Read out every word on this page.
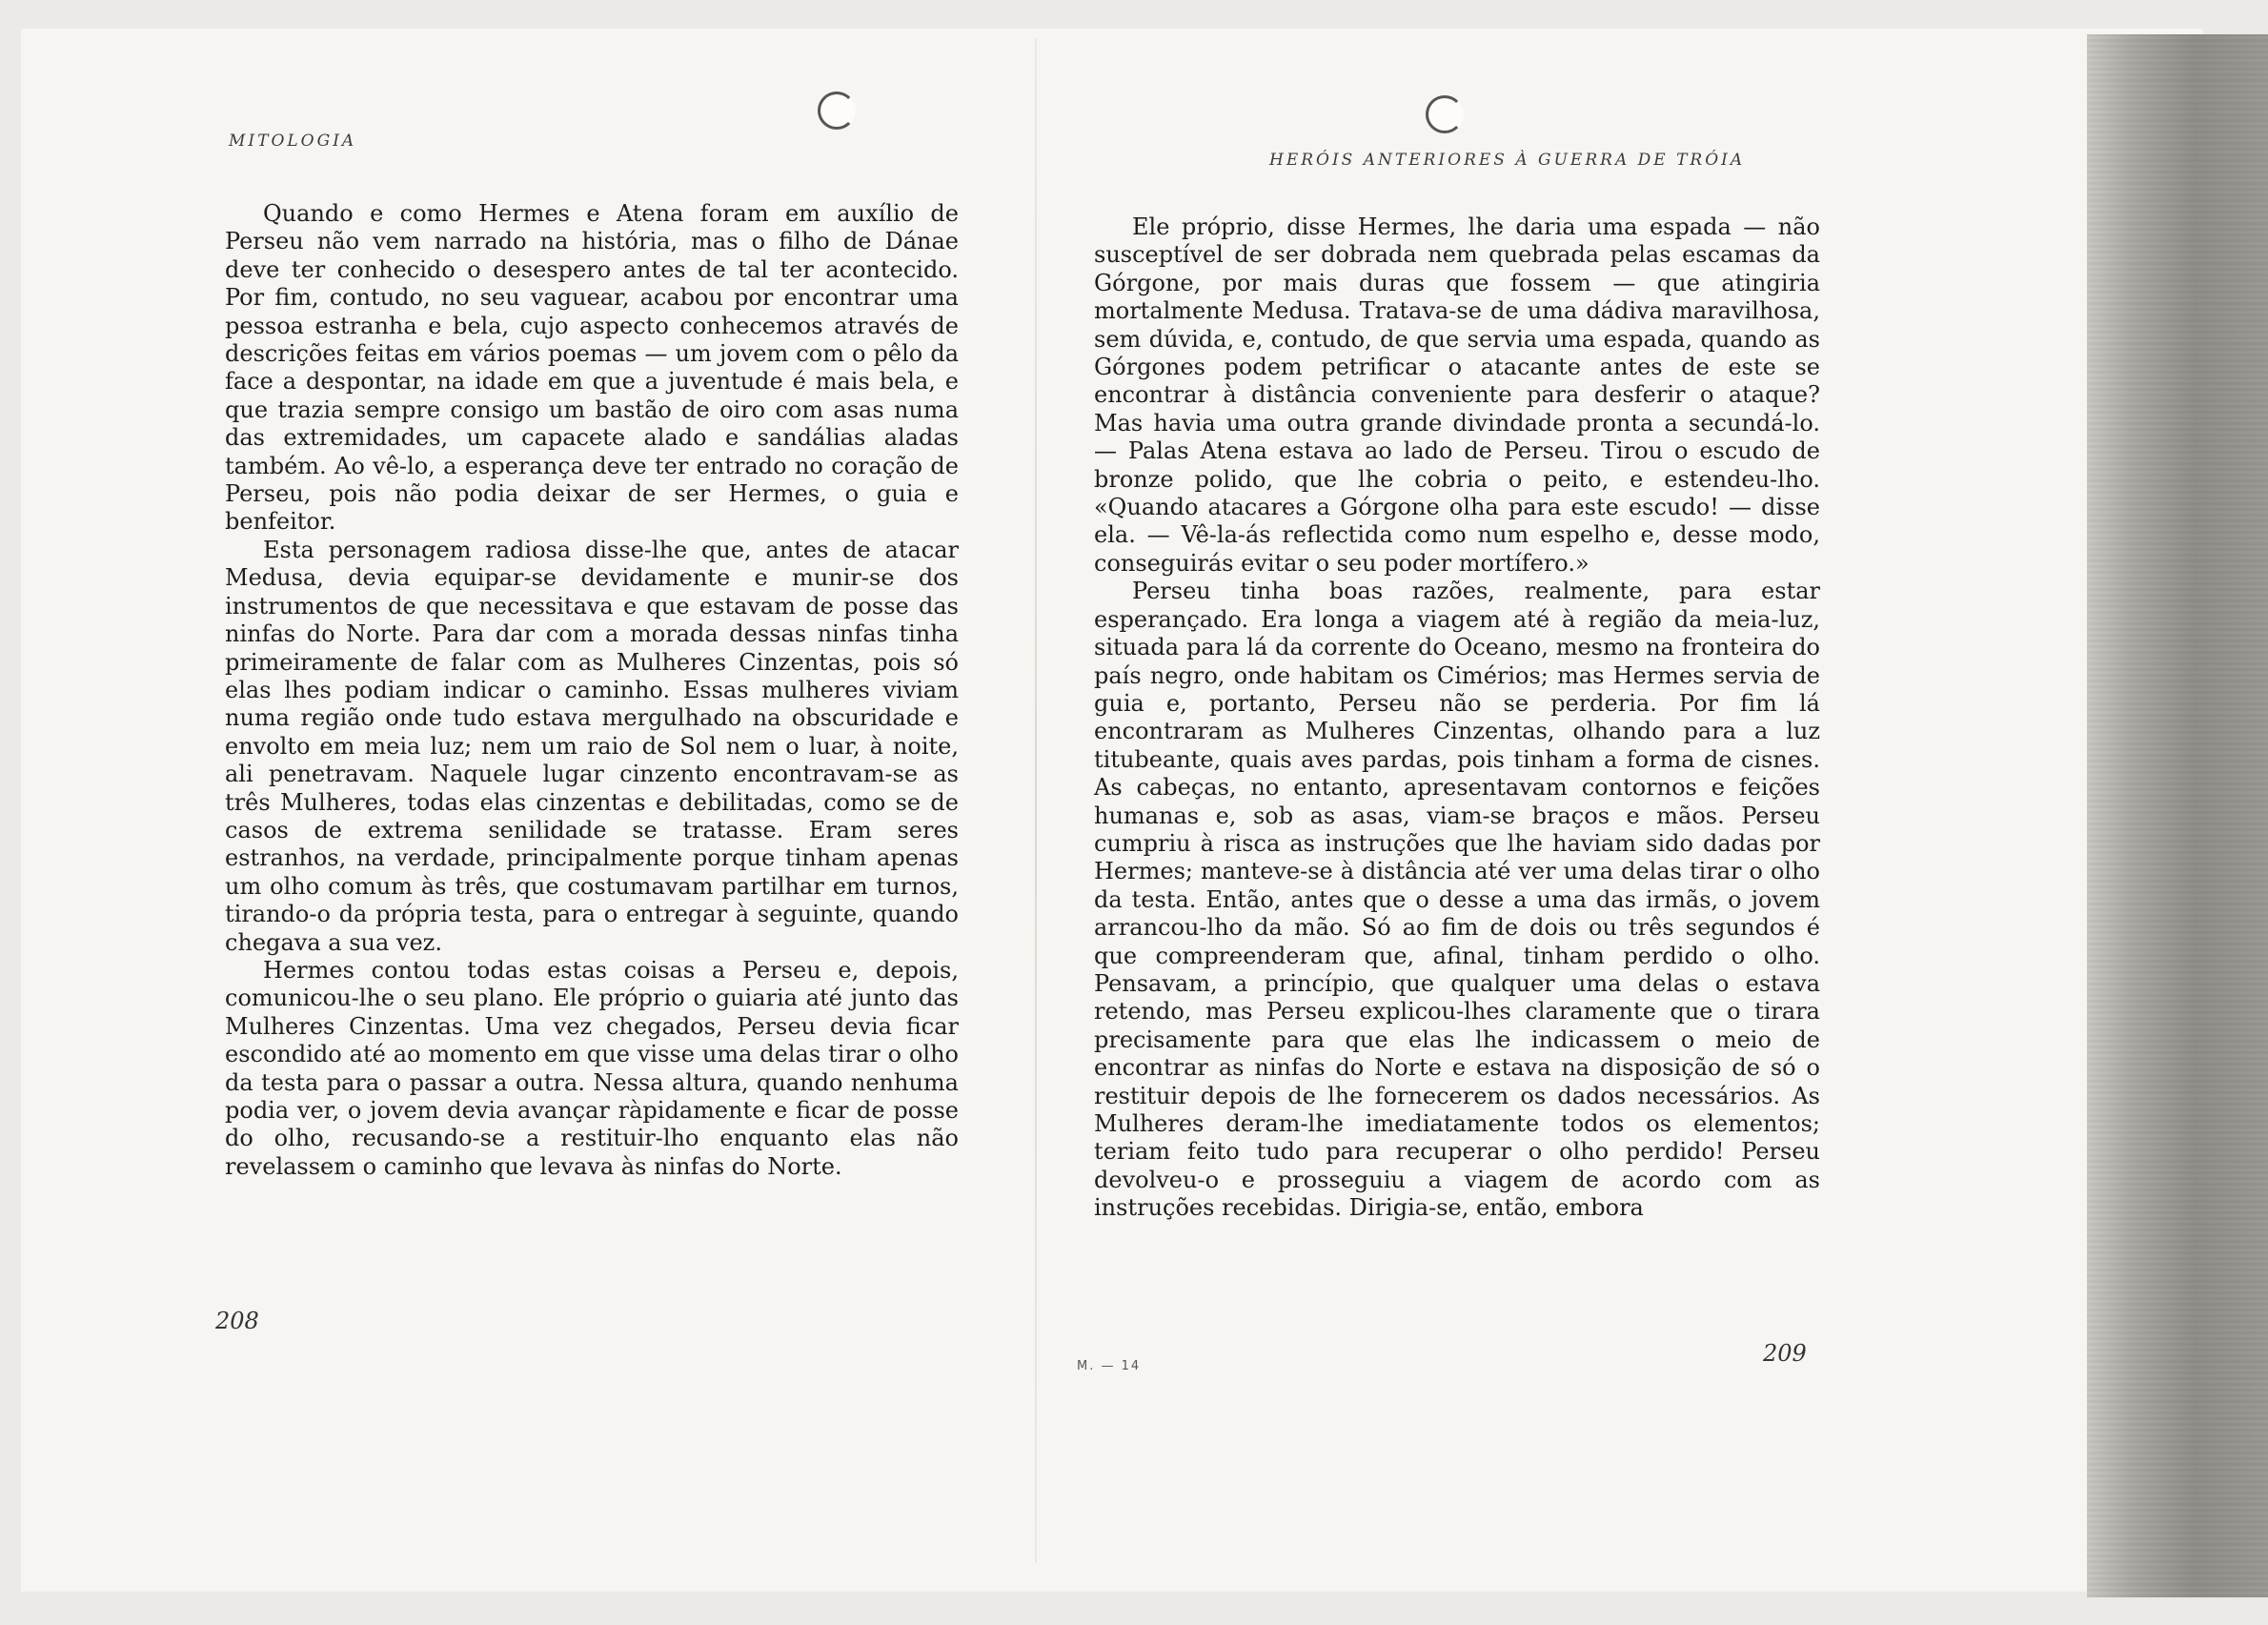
MITOLOGIA

Quando e como Hermes e Atena foram em auxílio de Perseu não vem narrado na história, mas o filho de Dánae deve ter conhecido o desespero antes de tal ter acontecido. Por fim, contudo, no seu vaguear, acabou por encontrar uma pessoa estranha e bela, cujo aspecto conhecemos através de descrições feitas em vários poemas — um jovem com o pêlo da face a despontar, na idade em que a juventude é mais bela, e que trazia sempre consigo um bastão de oiro com asas numa das extremidades, um capacete alado e sandálias aladas também. Ao vê-lo, a esperança deve ter entrado no coração de Perseu, pois não podia deixar de ser Hermes, o guia e benfeitor.

Esta personagem radiosa disse-lhe que, antes de atacar Medusa, devia equipar-se devidamente e munir-se dos instrumentos de que necessitava e que estavam de posse das ninfas do Norte. Para dar com a morada dessas ninfas tinha primeiramente de falar com as Mulheres Cinzentas, pois só elas lhes podiam indicar o caminho. Essas mulheres viviam numa região onde tudo estava mergulhado na obscuridade e envolto em meia luz; nem um raio de Sol nem o luar, à noite, ali penetravam. Naquele lugar cinzento encontravam-se as três Mulheres, todas elas cinzentas e debilitadas, como se de casos de extrema senilidade se tratasse. Eram seres estranhos, na verdade, principalmente porque tinham apenas um olho comum às três, que costumavam partilhar em turnos, tirando-o da própria testa, para o entregar à seguinte, quando chegava a sua vez.

Hermes contou todas estas coisas a Perseu e, depois, comunicou-lhe o seu plano. Ele próprio o guiaria até junto das Mulheres Cinzentas. Uma vez chegados, Perseu devia ficar escondido até ao momento em que visse uma delas tirar o olho da testa para o passar a outra. Nessa altura, quando nenhuma podia ver, o jovem devia avançar ràpidamente e ficar de posse do olho, recusando-se a restituir-lho enquanto elas não revelassem o caminho que levava às ninfas do Norte.

208
HERÓIS ANTERIORES À GUERRA DE TRÓIA

Ele próprio, disse Hermes, lhe daria uma espada — não susceptível de ser dobrada nem quebrada pelas escamas da Górgone, por mais duras que fossem — que atingiria mortalmente Medusa. Tratava-se de uma dádiva maravilhosa, sem dúvida, e, contudo, de que servia uma espada, quando as Górgones podem petrificar o atacante antes de este se encontrar à distância conveniente para desferir o ataque? Mas havia uma outra grande divindade pronta a secundá-lo. — Palas Atena estava ao lado de Perseu. Tirou o escudo de bronze polido, que lhe cobria o peito, e estendeu-lho. «Quando atacares a Górgone olha para este escudo! — disse ela. — Vê-la-ás reflectida como num espelho e, desse modo, conseguirás evitar o seu poder mortífero.»

Perseu tinha boas razões, realmente, para estar esperançado. Era longa a viagem até à região da meia-luz, situada para lá da corrente do Oceano, mesmo na fronteira do país negro, onde habitam os Cimérios; mas Hermes servia de guia e, portanto, Perseu não se perderia. Por fim lá encontraram as Mulheres Cinzentas, olhando para a luz titubeante, quais aves pardas, pois tinham a forma de cisnes. As cabeças, no entanto, apresentavam contornos e feições humanas e, sob as asas, viam-se braços e mãos. Perseu cumpriu à risca as instruções que lhe haviam sido dadas por Hermes; manteve-se à distância até ver uma delas tirar o olho da testa. Então, antes que o desse a uma das irmãs, o jovem arrancou-lho da mão. Só ao fim de dois ou três segundos é que compreenderam que, afinal, tinham perdido o olho. Pensavam, a princípio, que qualquer uma delas o estava retendo, mas Perseu explicou-lhes claramente que o tirara precisamente para que elas lhe indicassem o meio de encontrar as ninfas do Norte e estava na disposição de só o restituir depois de lhe fornecerem os dados necessários. As Mulheres deram-lhe imediatamente todos os elementos; teriam feito tudo para recuperar o olho perdido! Perseu devolveu-o e prosseguiu a viagem de acordo com as instruções recebidas. Dirigia-se, então, embora

M. — 14	209
